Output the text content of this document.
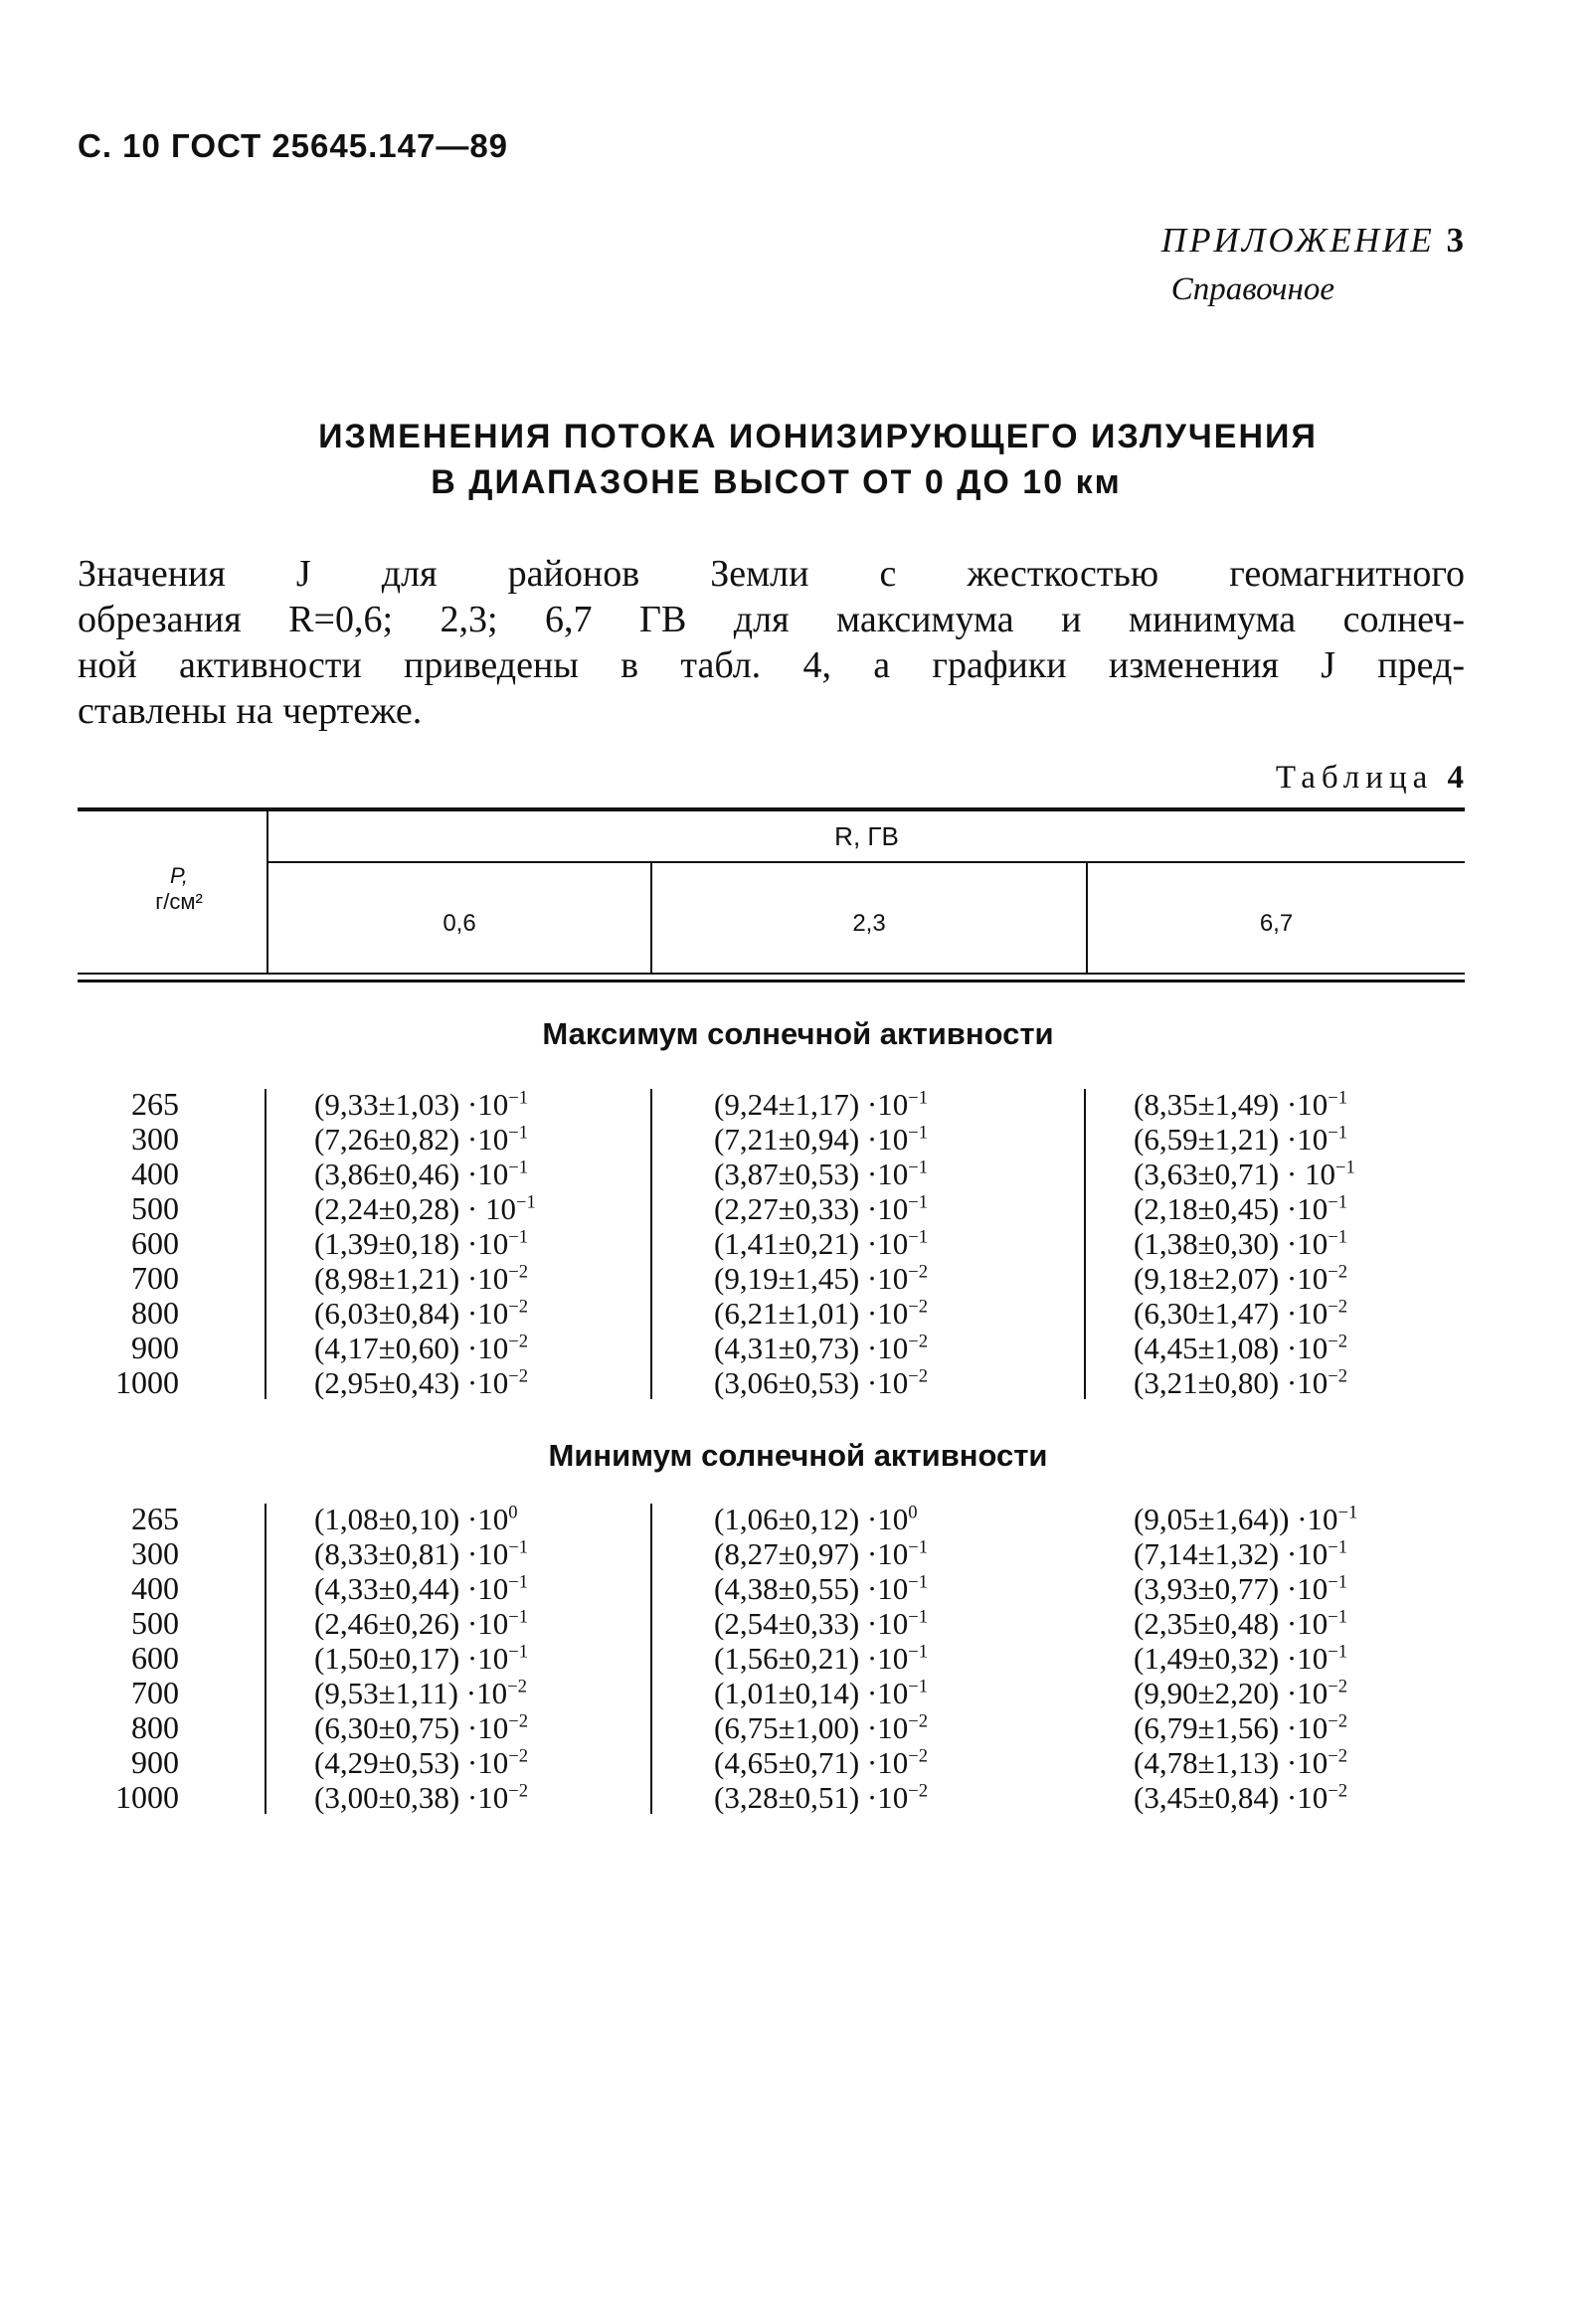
С. 10 ГОСТ 25645.147—89
ПРИЛОЖЕНИЕ 3
Справочное
ИЗМЕНЕНИЯ ПОТОКА ИОНИЗИРУЮЩЕГО ИЗЛУЧЕНИЯ
В ДИАПАЗОНЕ ВЫСОТ ОТ 0 ДО 10 км
Значения J для районов Земли с жесткостью геомагнитного
обрезания R=0,6; 2,3; 6,7 ГВ для максимума и минимума солнеч-
ной активности приведены в табл. 4, а графики изменения J пред-
ставлены на чертеже.
Таблица 4
P,
г/см²
R, ГВ
0,6	2,3	6,7
Максимум солнечной активности
265
300
400
500
600
700
800
900
1000
$(9,33\pm 1,03) \cdot 10^{-1}$
$(7,26\pm 0,82) \cdot 10^{-1}$
$(3,86\pm 0,46) \cdot 10^{-1}$
$(2,24\pm 0,28) \cdot 10^{-1}$
$(1,39\pm 0,18) \cdot 10^{-1}$
$(8,98\pm 1,21) \cdot 10^{-2}$
$(6,03\pm 0,84) \cdot 10^{-2}$
$(4,17\pm 0,60) \cdot 10^{-2}$
$(2,95\pm 0,43) \cdot 10^{-2}$
$(9,24\pm 1,17) \cdot 10^{-1}$
$(7,21\pm 0,94) \cdot 10^{-1}$
$(3,87\pm 0,53) \cdot 10^{-1}$
$(2,27\pm 0,33) \cdot 10^{-1}$
$(1,41\pm 0,21) \cdot 10^{-1}$
$(9,19\pm 1,45) \cdot 10^{-2}$
$(6,21\pm 1,01) \cdot 10^{-2}$
$(4,31\pm 0,73) \cdot 10^{-2}$
$(3,06\pm 0,53) \cdot 10^{-2}$
$(8,35\pm 1,49) \cdot 10^{-1}$
$(6,59\pm 1,21) \cdot 10^{-1}$
$(3,63\pm 0,71) \cdot 10^{-1}$
$(2,18\pm 0,45) \cdot 10^{-1}$
$(1,38\pm 0,30) \cdot 10^{-1}$
$(9,18\pm 2,07) \cdot 10^{-2}$
$(6,30\pm 1,47) \cdot 10^{-2}$
$(4,45\pm 1,08) \cdot 10^{-2}$
$(3,21\pm 0,80) \cdot 10^{-2}$
Минимум солнечной активности
265
300
400
500
600
700
800
900
1000
$(1,08\pm 0,10) \cdot 10^0$
$(8,33\pm 0,81) \cdot 10^{-1}$
$(4,33\pm 0,44) \cdot 10^{-1}$
$(2,46\pm 0,26) \cdot 10^{-1}$
$(1,50\pm 0,17) \cdot 10^{-1}$
$(9,53\pm 1,11) \cdot 10^{-2}$
$(6,30\pm 0,75) \cdot 10^{-2}$
$(4,29\pm 0,53) \cdot 10^{-2}$
$(3,00\pm 0,38) \cdot 10^{-2}$
$(1,06\pm 0,12) \cdot 10^0$
$(8,27\pm 0,97) \cdot 10^{-1}$
$(4,38\pm 0,55) \cdot 10^{-1}$
$(2,54\pm 0,33) \cdot 10^{-1}$
$(1,56\pm 0,21) \cdot 10^{-1}$
$(1,01\pm 0,14) \cdot 10^{-1}$
$(6,75\pm 1,00) \cdot 10^{-2}$
$(4,65\pm 0,71) \cdot 10^{-2}$
$(3,28\pm 0,51) \cdot 10^{-2}$
$(9,05\pm 1,64)) \cdot 10^{-1}$
$(7,14\pm 1,32) \cdot 10^{-1}$
$(3,93\pm 0,77) \cdot 10^{-1}$
$(2,35\pm 0,48) \cdot 10^{-1}$
$(1,49\pm 0,32) \cdot 10^{-1}$
$(9,90\pm 2,20) \cdot 10^{-2}$
$(6,79\pm 1,56) \cdot 10^{-2}$
$(4,78\pm 1,13) \cdot 10^{-2}$
$(3,45\pm 0,84) \cdot 10^{-2}$
